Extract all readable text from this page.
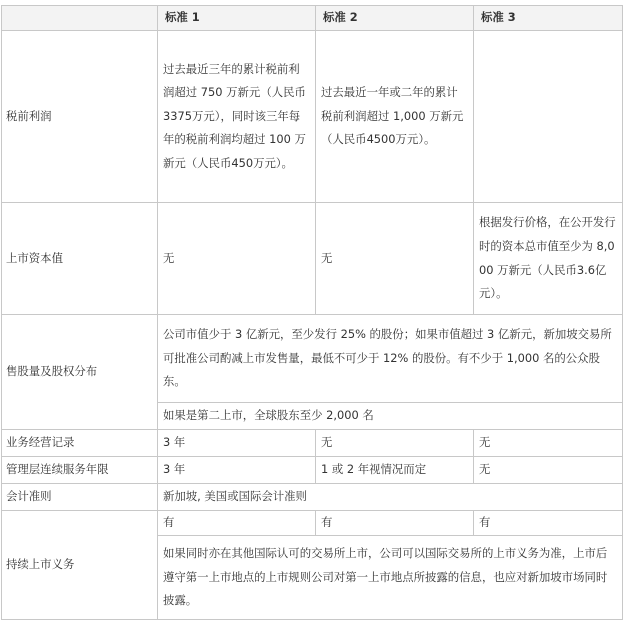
	标准 1	标准 2	标准 3
税前利润	过去最近三年的累计税前利润超过 750 万新元（人民币3375万元），同时该三年每年的税前利润均超过 100 万新元（人民币450万元）。	过去最近一年或二年的累计税前利润超过 1,000 万新元（人民币4500万元）。	
上市资本值	无	无	根据发行价格，在公开发行时的资本总市值至少为 8,000 万新元（人民币3.6亿元）。
售股量及股权分布	公司市值少于 3 亿新元，至少发行 25% 的股份；如果市值超过 3 亿新元，新加坡交易所可批准公司酌减上市发售量，最低不可少于 12% 的股份。有不少于 1,000 名的公众股东。		
	如果是第二上市，全球股东至少 2,000 名		
业务经营记录	3 年	无	无
管理层连续服务年限	3 年	1 或 2 年视情况而定	无
会计准则	新加坡, 美国或国际会计准则		
持续上市义务	有	有	有
	如果同时亦在其他国际认可的交易所上市，公司可以国际交易所的上市义务为准，上市后遵守第一上市地点的上市规则公司对第一上市地点所披露的信息，也应对新加坡市场同时披露。		
